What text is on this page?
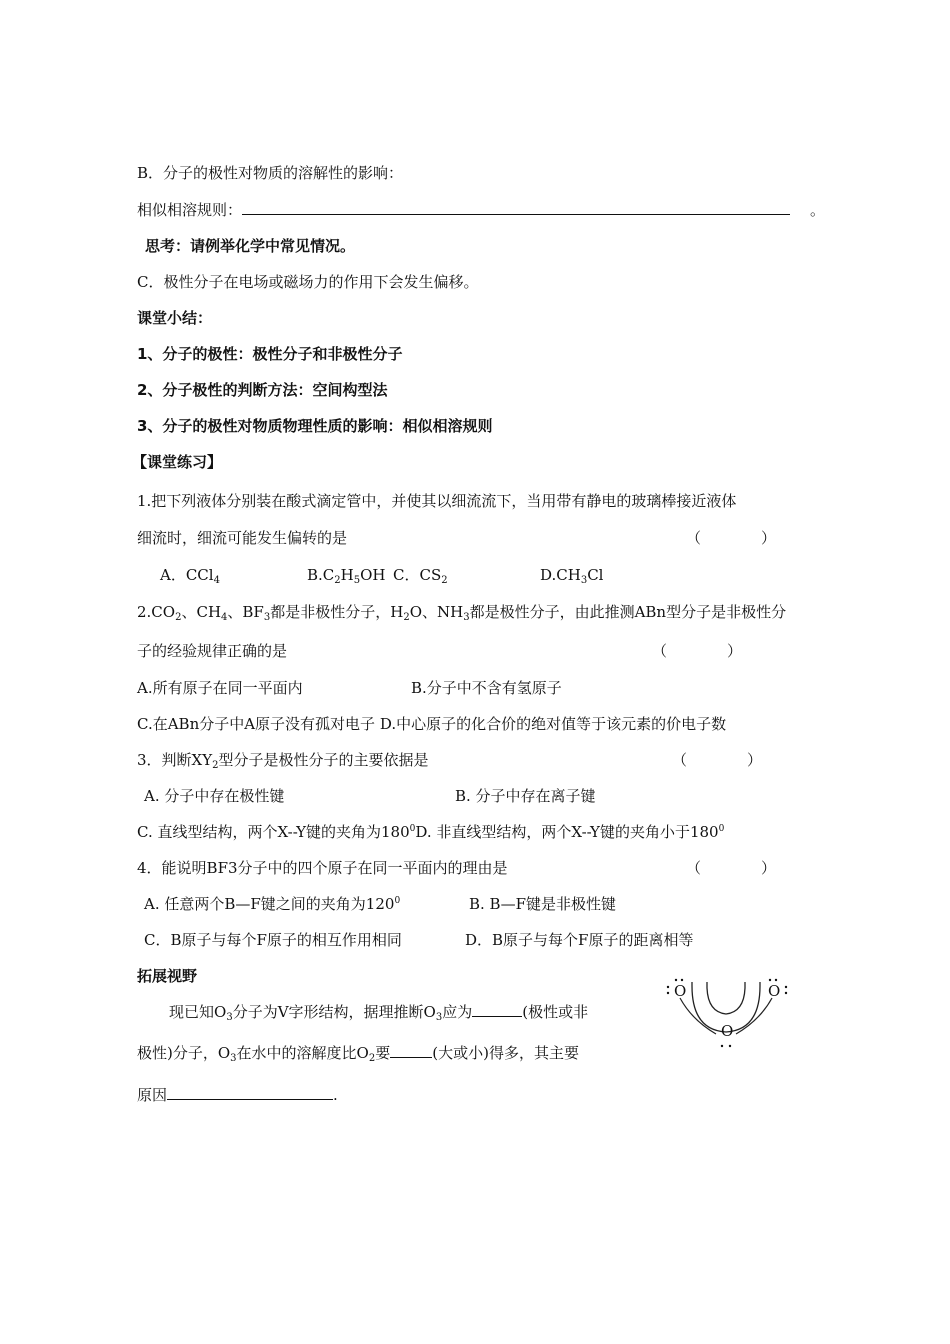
B．分子的极性对物质的溶解性的影响：
相似相溶规则：	。
思考：请例举化学中常见情况。
C．极性分子在电场或磁场力的作用下会发生偏移。
课堂小结：
1、分子的极性：极性分子和非极性分子
2、分子极性的判断方法：空间构型法
3、分子的极性对物质物理性质的影响：相似相溶规则
【课堂练习】
1.把下列液体分别装在酸式滴定管中，并使其以细流流下，当用带有静电的玻璃棒接近液体
细流时，细流可能发生偏转的是	（　　　　）
A．CCl$_4$	$B.C_2H_5OH$ C．$CS_2$	$D.CH_3Cl$
$2.CO_2$、$CH_4$、$BF_3$都是非极性分子，$H_2O$、$NH_3$都是极性分子，由此推测ABn型分子是非极性分
子的经验规律正确的是	（　　　　）
A.所有原子在同一平面内	B.分子中不含有氢原子
C.在ABn分子中A原子没有孤对电子 D.中心原子的化合价的绝对值等于该元素的价电子数
3．判断$XY_2$型分子是极性分子的主要依据是	（　　　　）
A. 分子中存在极性键	B. 分子中存在离子键
C. 直线型结构，两个X--Y键的夹角为$180^0D$. 非直线型结构，两个X--Y键的夹角小于$180^0$
4．能说明BF3分子中的四个原子在同一平面内的理由是	（　　　　）
A. 任意两个B—F键之间的夹角为$120^0$	B. B—F键是非极性键
C．B原子与每个F原子的相互作用相同	D．B原子与每个F原子的距离相等
拓展视野
现已知$O_3$分子为V字形结构，据理推断$O_3$应为	(极性或非
极性)分子，$O_3$在水中的溶解度比$O_2$要	(大或小)得多，其主要
原因	.
O	O
O
